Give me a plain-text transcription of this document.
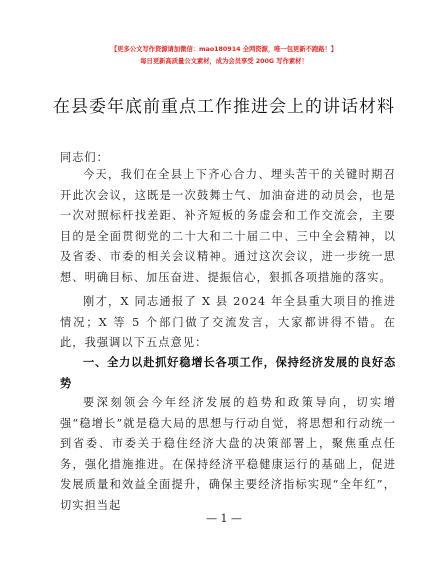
【更多公文写作资源请加微信：mao180914 全网资源，唯一包更新不跑路！】
每日更新高质量公文素材，成为会员享受 200G 写作素材！
在县委年底前重点工作推进会上的讲话材料
同志们：
今天，我们在全县上下齐心合力、埋头苦干的关键时期召开此次会议，这既是一次鼓舞士气、加油奋进的动员会，也是一次对照标杆找差距、补齐短板的务虚会和工作交流会，主要目的是全面贯彻党的二十大和二十届二中、三中全会精神，以及省委、市委的相关会议精神。通过这次会议，进一步统一思想、明确目标、加压奋进、提振信心，狠抓各项措施的落实。
刚才，X 同志通报了 X 县 2024 年全县重大项目的推进情况；X 等 5 个部门做了交流发言，大家都讲得不错。在此，我强调以下五点意见：
一、全力以赴抓好稳增长各项工作，保持经济发展的良好态势
要深刻领会今年经济发展的趋势和政策导向，切实增强“稳增长”就是稳大局的思想与行动自觉，将思想和行动统一到省委、市委关于稳住经济大盘的决策部署上，聚焦重点任务，强化措施推进。在保持经济平稳健康运行的基础上，促进发展质量和效益全面提升，确保主要经济指标实现“全年红”，切实担当起
— 1 —
